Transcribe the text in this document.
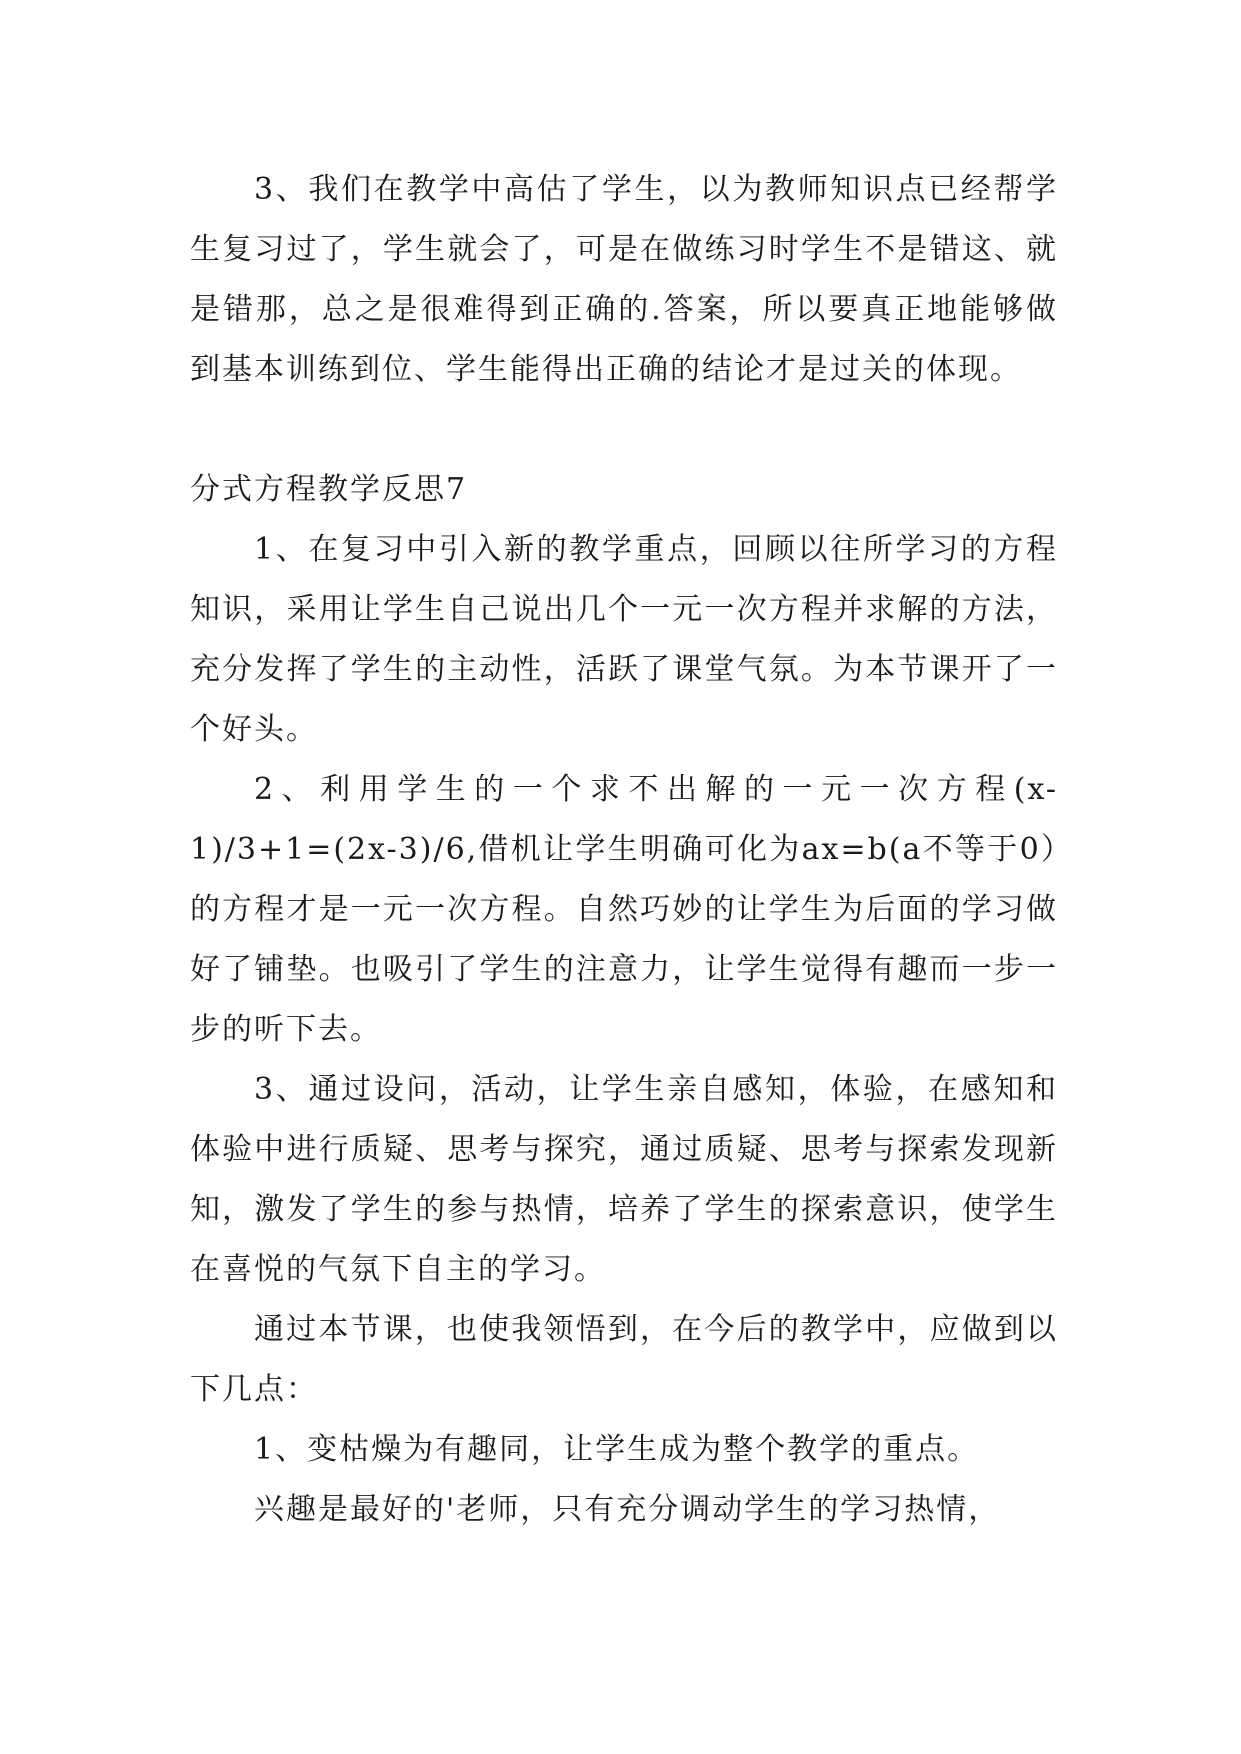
3、我们在教学中高估了学生，以为教师知识点已经帮学生复习过了，学生就会了，可是在做练习时学生不是错这、就是错那，总之是很难得到正确的.答案，所以要真正地能够做到基本训练到位、学生能得出正确的结论才是过关的体现。

分式方程教学反思7

1、在复习中引入新的教学重点，回顾以往所学习的方程知识，采用让学生自己说出几个一元一次方程并求解的方法，充分发挥了学生的主动性，活跃了课堂气氛。为本节课开了一个好头。

2、利用学生的一个求不出解的一元一次方程(x-1)/3+1=(2x-3)/6,借机让学生明确可化为ax=b(a不等于0）的方程才是一元一次方程。自然巧妙的让学生为后面的学习做好了铺垫。也吸引了学生的注意力，让学生觉得有趣而一步一步的听下去。

3、通过设问，活动，让学生亲自感知，体验，在感知和体验中进行质疑、思考与探究，通过质疑、思考与探索发现新知，激发了学生的参与热情，培养了学生的探索意识，使学生在喜悦的气氛下自主的学习。

通过本节课，也使我领悟到，在今后的教学中，应做到以下几点：

1、变枯燥为有趣同，让学生成为整个教学的重点。

兴趣是最好的'老师，只有充分调动学生的学习热情，
